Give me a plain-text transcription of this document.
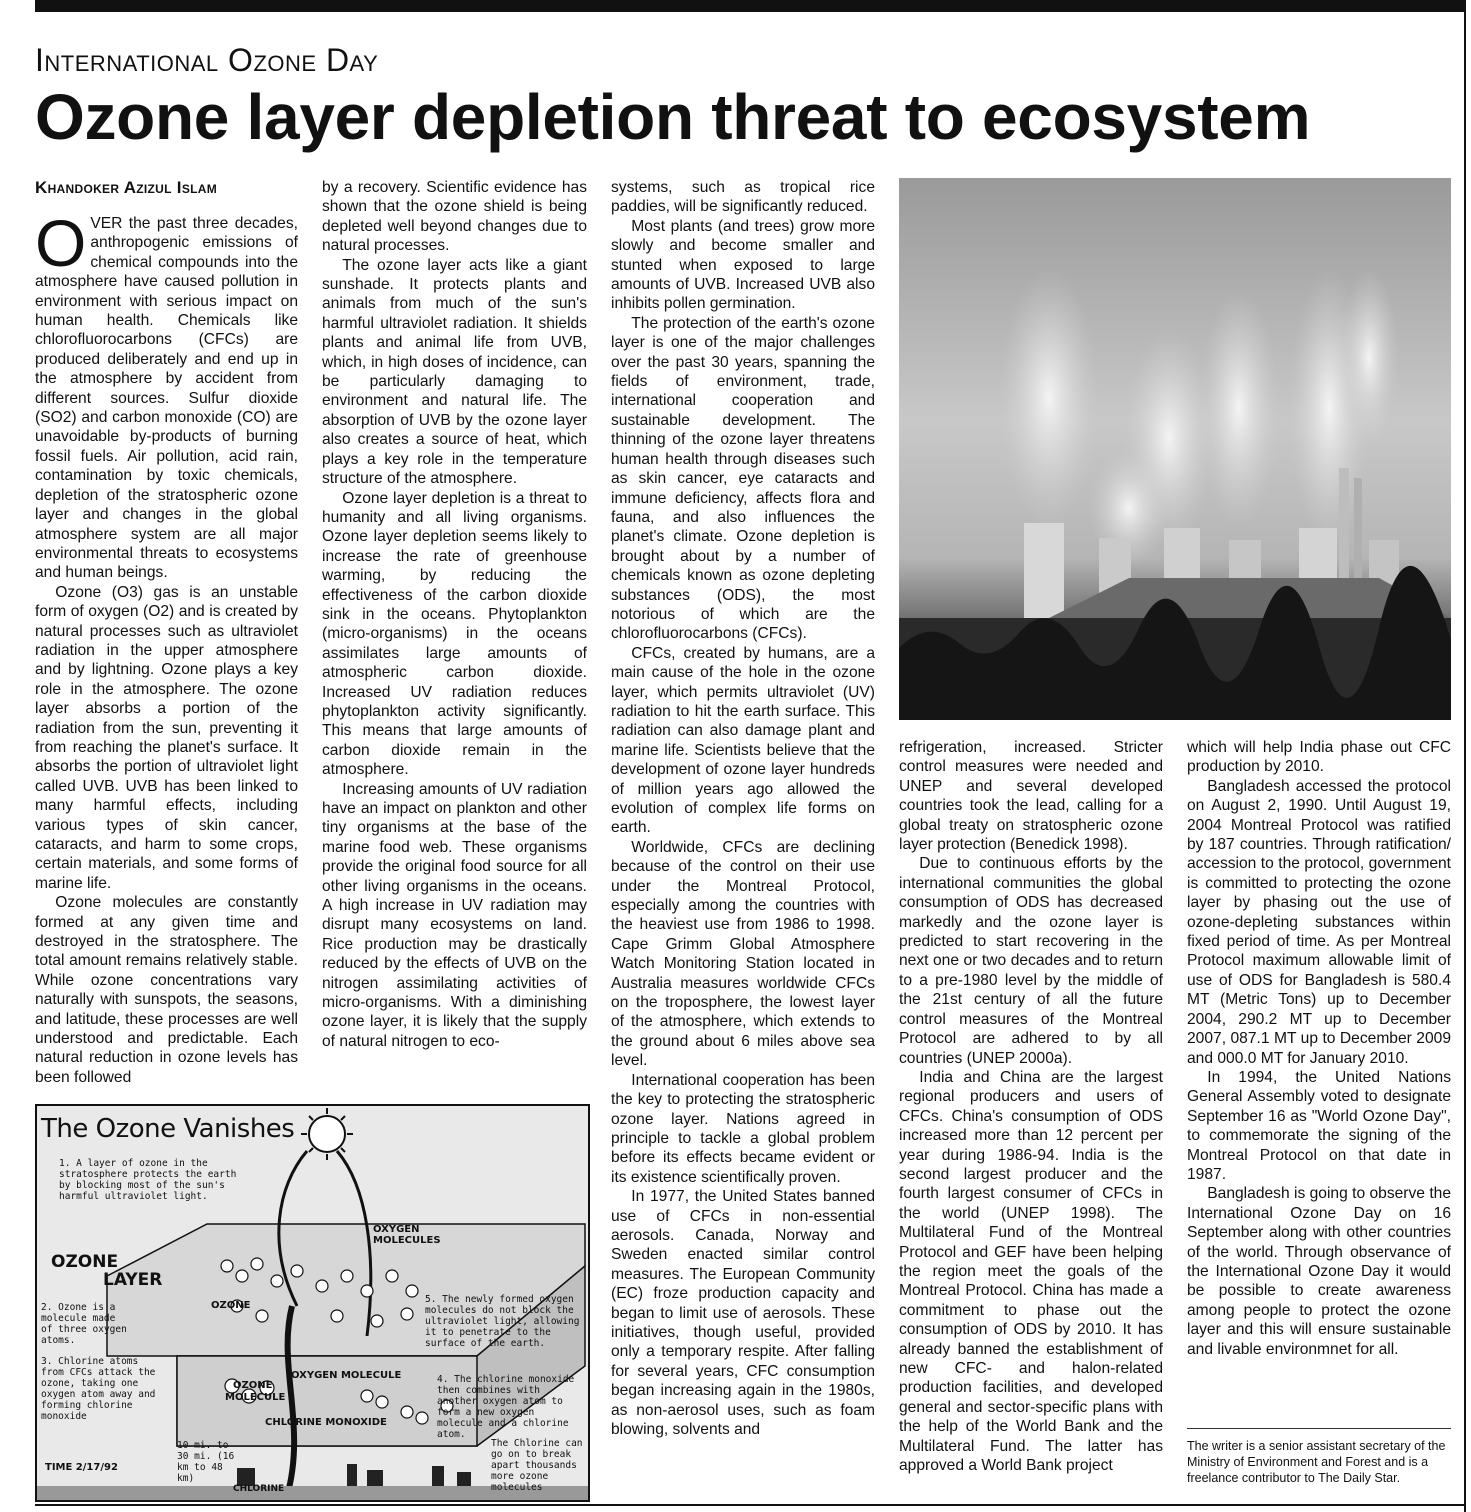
International Ozone Day
Ozone layer depletion threat to ecosystem
Khandoker Azizul Islam

OVER the past three decades, anthropogenic emissions of chemical compounds into the atmosphere have caused pollution in environment with serious impact on human health. Chemicals like chlorofluorocarbons (CFCs) are produced deliberately and end up in the atmosphere by accident from different sources. Sulfur dioxide (SO2) and carbon monoxide (CO) are unavoidable by-products of burning fossil fuels. Air pollution, acid rain, contamination by toxic chemicals, depletion of the stratospheric ozone layer and changes in the global atmosphere system are all major environmental threats to ecosystems and human beings.

Ozone (O3) gas is an unstable form of oxygen (O2) and is created by natural processes such as ultraviolet radiation in the upper atmosphere and by lightning. Ozone plays a key role in the atmosphere. The ozone layer absorbs a portion of the radiation from the sun, preventing it from reaching the planet's surface. It absorbs the portion of ultraviolet light called UVB. UVB has been linked to many harmful effects, including various types of skin cancer, cataracts, and harm to some crops, certain materials, and some forms of marine life.

Ozone molecules are constantly formed at any given time and destroyed in the stratosphere. The total amount remains relatively stable. While ozone concentrations vary naturally with sunspots, the seasons, and latitude, these processes are well understood and predictable. Each natural reduction in ozone levels has been followed

by a recovery. Scientific evidence has shown that the ozone shield is being depleted well beyond changes due to natural processes.

The ozone layer acts like a giant sunshade. It protects plants and animals from much of the sun's harmful ultraviolet radiation. It shields plants and animal life from UVB, which, in high doses of incidence, can be particularly damaging to environment and natural life. The absorption of UVB by the ozone layer also creates a source of heat, which plays a key role in the temperature structure of the atmosphere.

Ozone layer depletion is a threat to humanity and all living organisms. Ozone layer depletion seems likely to increase the rate of greenhouse warming, by reducing the effectiveness of the carbon dioxide sink in the oceans. Phytoplankton (micro-organisms) in the oceans assimilates large amounts of atmospheric carbon dioxide. Increased UV radiation reduces phytoplankton activity significantly. This means that large amounts of carbon dioxide remain in the atmosphere.

Increasing amounts of UV radiation have an impact on plankton and other tiny organisms at the base of the marine food web. These organisms provide the original food source for all other living organisms in the oceans. A high increase in UV radiation may disrupt many ecosystems on land. Rice production may be drastically reduced by the effects of UVB on the nitrogen assimilating activities of micro-organisms. With a diminishing ozone layer, it is likely that the supply of natural nitrogen to eco-

systems, such as tropical rice paddies, will be significantly reduced.

Most plants (and trees) grow more slowly and become smaller and stunted when exposed to large amounts of UVB. Increased UVB also inhibits pollen germination.

The protection of the earth's ozone layer is one of the major challenges over the past 30 years, spanning the fields of environment, trade, international cooperation and sustainable development. The thinning of the ozone layer threatens human health through diseases such as skin cancer, eye cataracts and immune deficiency, affects flora and fauna, and also influences the planet's climate. Ozone depletion is brought about by a number of chemicals known as ozone depleting substances (ODS), the most notorious of which are the chlorofluorocarbons (CFCs).

CFCs, created by humans, are a main cause of the hole in the ozone layer, which permits ultraviolet (UV) radiation to hit the earth surface. This radiation can also damage plant and marine life. Scientists believe that the development of ozone layer hundreds of million years ago allowed the evolution of complex life forms on earth.

Worldwide, CFCs are declining because of the control on their use under the Montreal Protocol, especially among the countries with the heaviest use from 1986 to 1998. Cape Grimm Global Atmosphere Watch Monitoring Station located in Australia measures worldwide CFCs on the troposphere, the lowest layer of the atmosphere, which extends to the ground about 6 miles above sea level.

International cooperation has been the key to protecting the stratospheric ozone layer. Nations agreed in principle to tackle a global problem before its effects became evident or its existence scientifically proven.

In 1977, the United States banned use of CFCs in non-essential aerosols. Canada, Norway and Sweden enacted similar control measures. The European Community (EC) froze production capacity and began to limit use of aerosols. These initiatives, though useful, provided only a temporary respite. After falling for several years, CFC consumption began increasing again in the 1980s, as non-aerosol uses, such as foam blowing, solvents and

refrigeration, increased. Stricter control measures were needed and UNEP and several developed countries took the lead, calling for a global treaty on stratospheric ozone layer protection (Benedick 1998).

Due to continuous efforts by the international communities the global consumption of ODS has decreased markedly and the ozone layer is predicted to start recovering in the next one or two decades and to return to a pre-1980 level by the middle of the 21st century of all the future control measures of the Montreal Protocol are adhered to by all countries (UNEP 2000a).

India and China are the largest regional producers and users of CFCs. China's consumption of ODS increased more than 12 percent per year during 1986-94. India is the second largest producer and the fourth largest consumer of CFCs in the world (UNEP 1998). The Multilateral Fund of the Montreal Protocol and GEF have been helping the region meet the goals of the Montreal Protocol. China has made a commitment to phase out the consumption of ODS by 2010. It has already banned the establishment of new CFC- and halon-related production facilities, and developed general and sector-specific plans with the help of the World Bank and the Multilateral Fund. The latter has approved a World Bank project

which will help India phase out CFC production by 2010.

Bangladesh accessed the protocol on August 2, 1990. Until August 19, 2004 Montreal Protocol was ratified by 187 countries. Through ratification/ accession to the protocol, government is committed to protecting the ozone layer by phasing out the use of ozone-depleting substances within fixed period of time. As per Montreal Protocol maximum allowable limit of use of ODS for Bangladesh is 580.4 MT (Metric Tons) up to December 2004, 290.2 MT up to December 2007, 087.1 MT up to December 2009 and 000.0 MT for January 2010.

In 1994, the United Nations General Assembly voted to designate September 16 as "World Ozone Day", to commemorate the signing of the Montreal Protocol on that date in 1987.

Bangladesh is going to observe the International Ozone Day on 16 September along with other countries of the world. Through observance of the International Ozone Day it would be possible to create awareness among people to protect the ozone layer and this will ensure sustainable and livable environmnet for all.

The writer is a senior assistant secretary of the Ministry of Environment and Forest and is a freelance contributor to The Daily Star.
The Ozone Vanishes
1. A layer of ozone in the stratosphere protects the earth by blocking most of the sun's harmful ultraviolet light.
OZONE
LAYER
2. Ozone is a molecule made of three oxygen atoms.
3. Chlorine atoms from CFCs attack the ozone, taking one oxygen atom away and forming chlorine monoxide
OXYGEN MOLECULES
OZONE
5. The newly formed oxygen molecules do not block the ultraviolet light, allowing it to penetrate to the surface of the earth.
4. The chlorine monoxide then combines with another oxygen atom to form a new oxygen molecule and a chlorine atom.
OXYGEN MOLECULE
OZONE
MOLECULE
CHLORINE MONOXIDE
10 mi. to 30 mi. (16 km to 48 km)
CHLORINE
TIME 2/17/92
The Chlorine can go on to break apart thousands more ozone molecules
